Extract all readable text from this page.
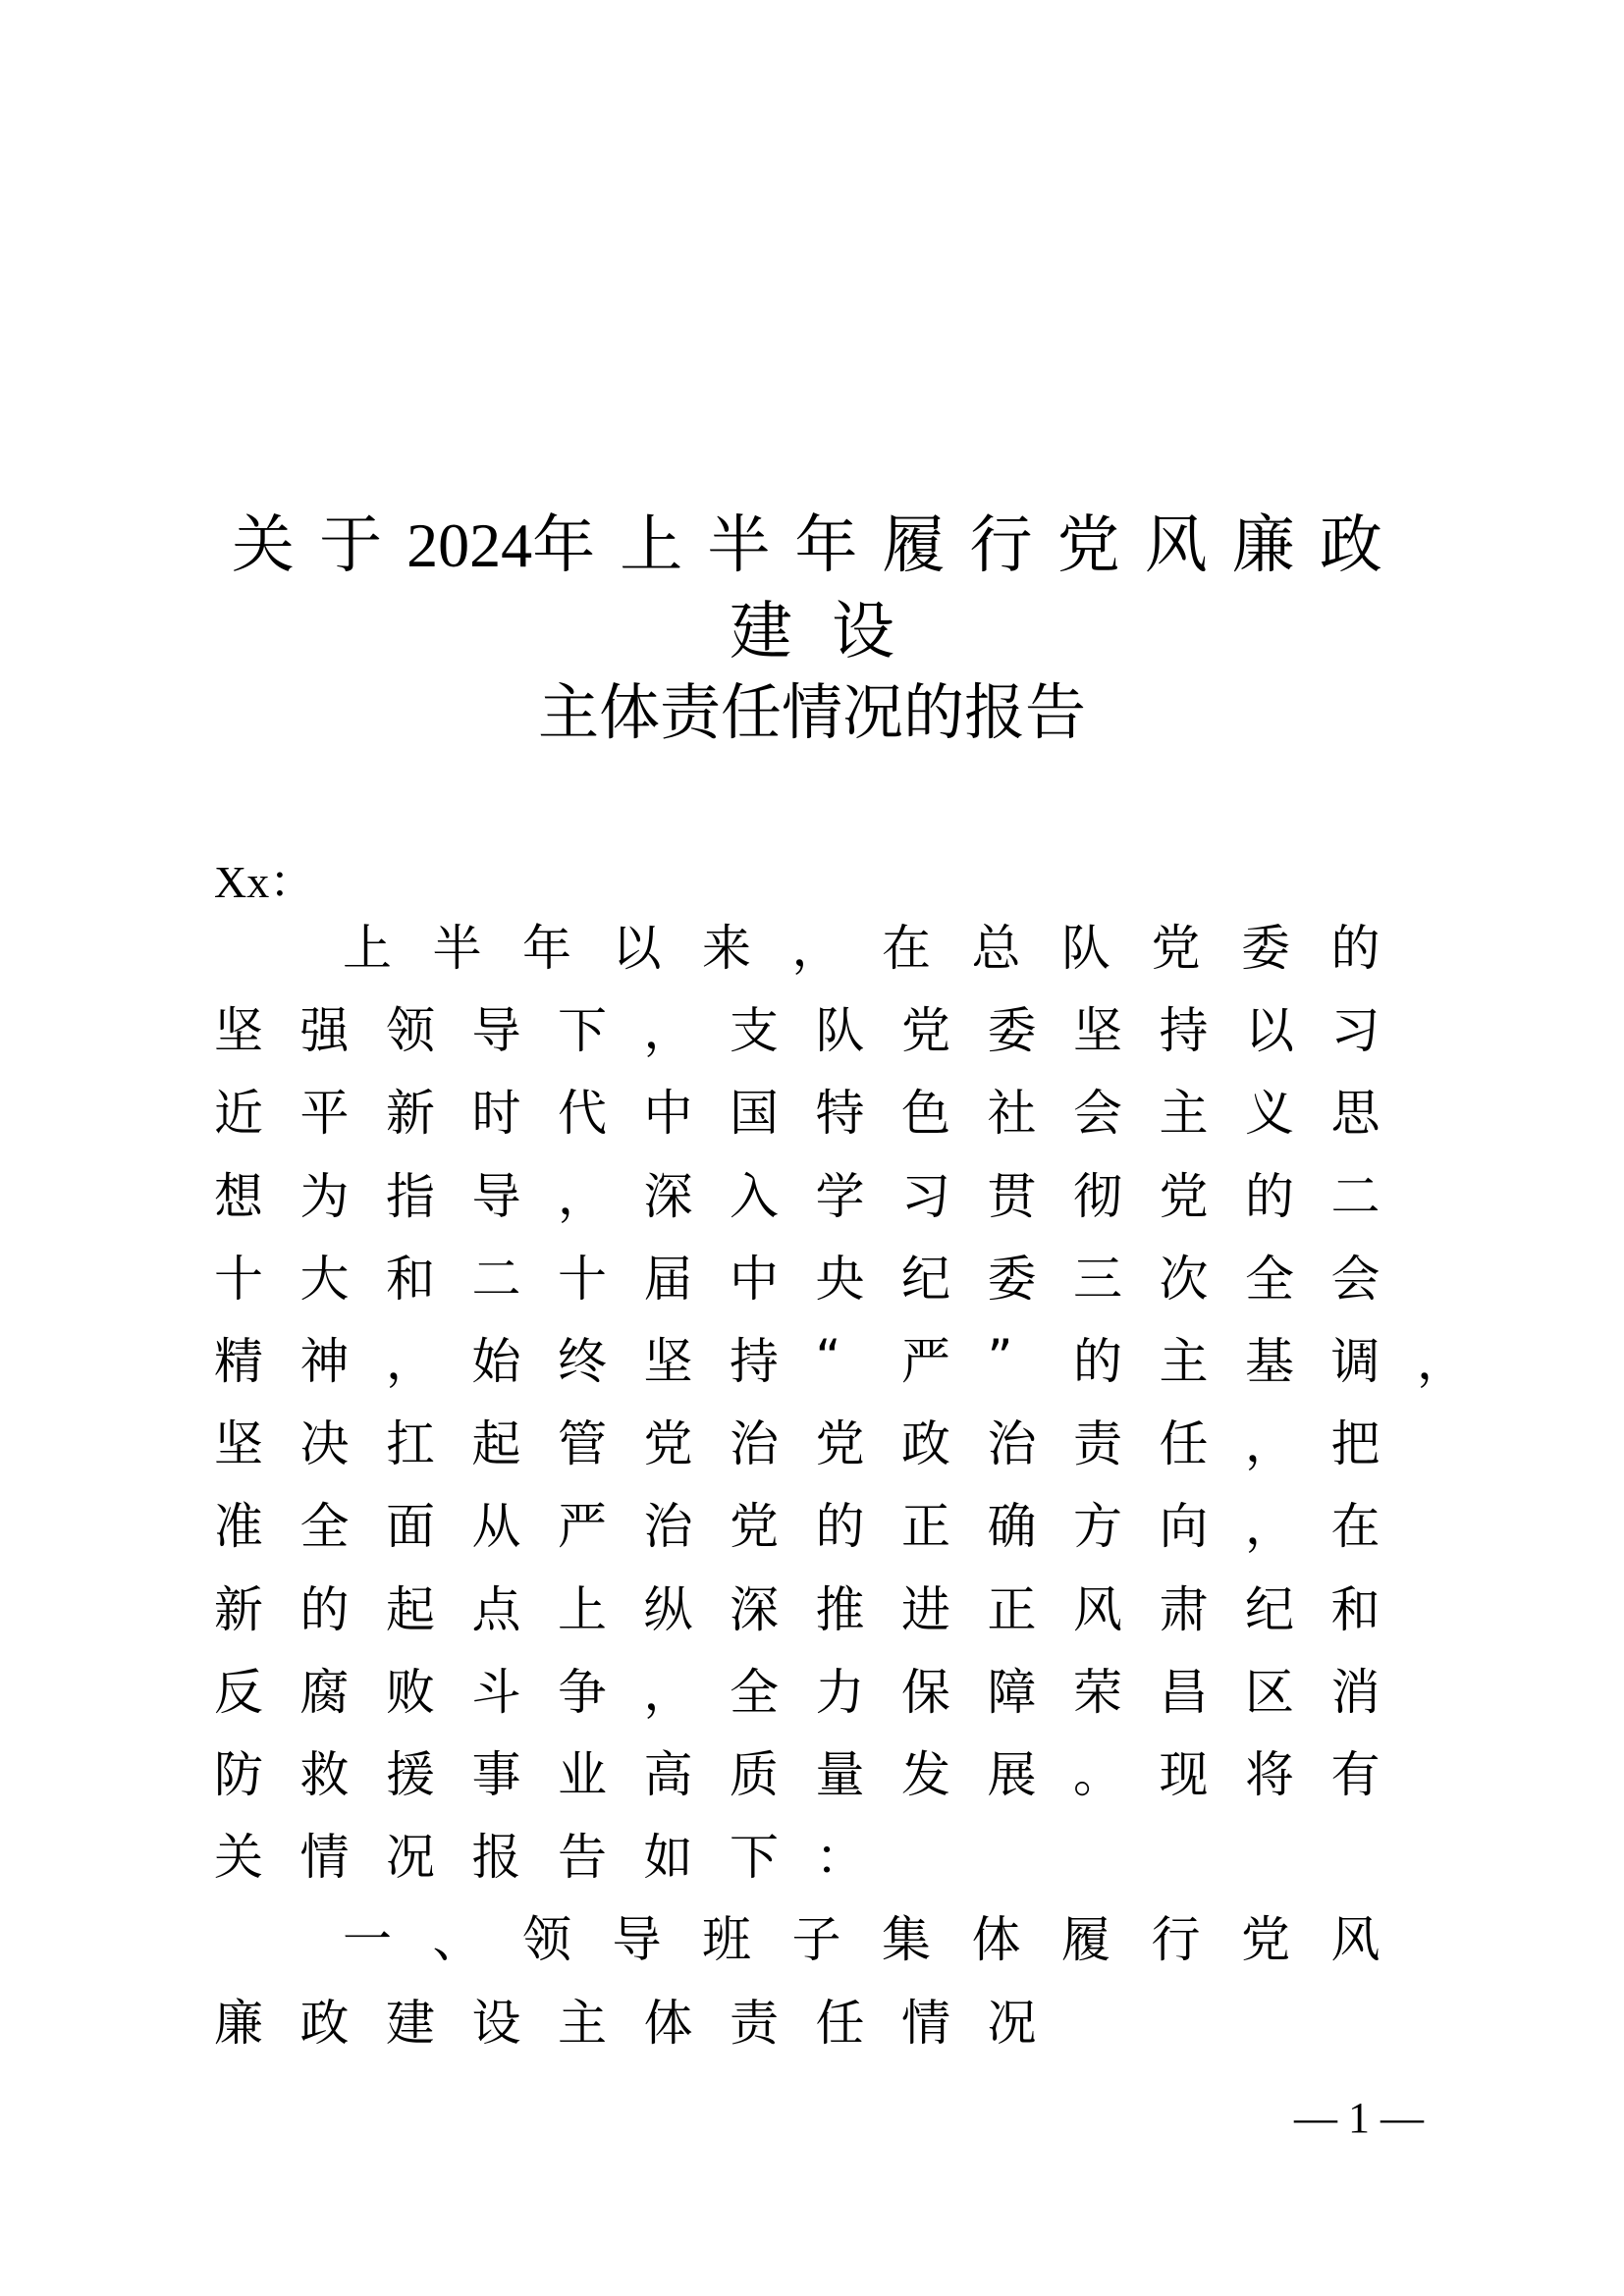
关 于 2024年 上 半 年 履 行 党 风 廉 政
建设
主体责任情况的报告
Xx：
上 半 年 以 来 ， 在 总 队 党 委 的
坚 强 领 导 下 ， 支 队 党 委 坚 持 以 习
近 平 新 时 代 中 国 特 色 社 会 主 义 思
想 为 指 导 ， 深 入 学 习 贯 彻 党 的 二
十 大 和 二 十 届 中 央 纪 委 三 次 全 会
精 神 ， 始 终 坚 持 “	严 ”	的 主 基 调 ，
坚 决 扛 起 管 党 治 党 政 治 责 任 ， 把
准 全 面 从 严 治 党 的 正 确 方 向 ， 在
新 的 起 点 上 纵 深 推 进 正 风 肃 纪 和
反 腐 败 斗 争 ， 全 力 保 障 荣 昌 区 消
防 救 援 事 业 高 质 量 发 展 。 现 将 有
关 情 况 报 告 如 下 ：
一 、 领 导 班 子 集 体 履 行 党 风
廉 政 建 设 主 体 责 任 情 况
— 1 —
